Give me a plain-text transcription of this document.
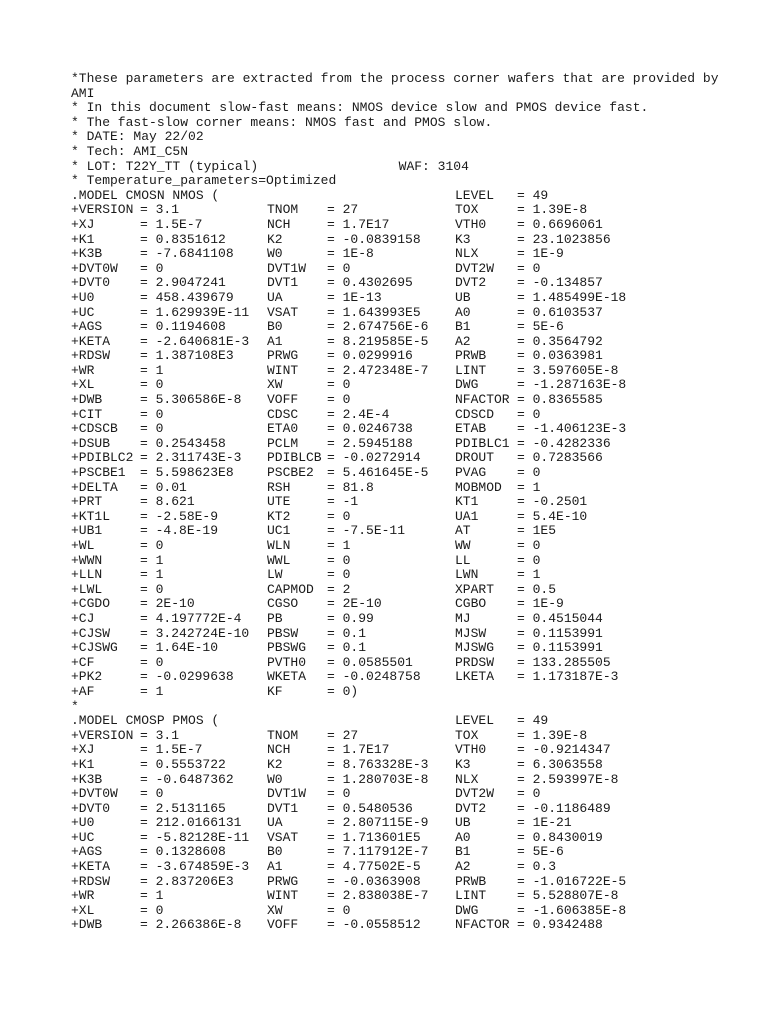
*These parameters are extracted from the process corner wafers that are provided by
AMI
* In this document slow-fast means: NMOS device slow and PMOS device fast.
* The fast-slow corner means: NMOS fast and PMOS slow.
* DATE: May 22/02
* Tech: AMI_C5N
* LOT: T22Y_TT (typical)                  WAF: 3104
* Temperature_parameters=Optimized
.MODEL CMOSN NMOS (	LEVEL = 49
+VERSION = 3.1	TNOM = 27	TOX	= 1.39E-8
+XJ	= 1.5E-7	NCH	= 1.7E17	VTH0 = 0.6696061
+K1	= 0.8351612	K2	= -0.0839158	K3	= 23.1023856
+K3B	= -7.6841108	W0	= 1E-8	NLX	= 1E-9
+DVT0W = 0	DVT1W = 0	DVT2W = 0
+DVT0 = 2.9047241	DVT1 = 0.4302695	DVT2 = -0.134857
+U0	= 458.439679	UA	= 1E-13	UB	= 1.485499E-18
+UC	= 1.629939E-11 VSAT = 1.643993E5	A0	= 0.6103537
+AGS	= 0.1194608	B0	= 2.674756E-6 B1	= 5E-6
+KETA = -2.640681E-3 A1	= 8.219585E-5 A2	= 0.3564792
+RDSW = 1.387108E3	PRWG = 0.0299916	PRWB = 0.0363981
+WR	= 1	WINT = 2.472348E-7 LINT = 3.597605E-8
+XL	= 0	XW	= 0	DWG	= -1.287163E-8
+DWB	= 5.306586E-8 VOFF = 0	NFACTOR = 0.8365585
+CIT	= 0	CDSC = 2.4E-4	CDSCD = 0
+CDSCB = 0	ETA0 = 0.0246738	ETAB = -1.406123E-3
+DSUB = 0.2543458	PCLM = 2.5945188	PDIBLC1 = -0.4282336
+PDIBLC2 = 2.311743E-3 PDIBLCB = -0.0272914	DROUT = 0.7283566
+PSCBE1 = 5.598623E8	PSCBE2 = 5.461645E-5 PVAG = 0
+DELTA = 0.01	RSH	= 81.8	MOBMOD = 1
+PRT	= 8.621	UTE	= -1	KT1	= -0.2501
+KT1L = -2.58E-9	KT2	= 0	UA1	= 5.4E-10
+UB1	= -4.8E-19	UC1	= -7.5E-11	AT	= 1E5
+WL	= 0	WLN	= 1	WW	= 0
+WWN	= 1	WWL	= 0	LL	= 0
+LLN	= 1	LW	= 0	LWN	= 1
+LWL	= 0	CAPMOD = 2	XPART = 0.5
+CGDO = 2E-10	CGSO = 2E-10	CGBO = 1E-9
+CJ	= 4.197772E-4 PB	= 0.99	MJ	= 0.4515044
+CJSW = 3.242724E-10 PBSW = 0.1	MJSW = 0.1153991
+CJSWG = 1.64E-10	PBSWG = 0.1	MJSWG = 0.1153991
+CF	= 0	PVTH0 = 0.0585501	PRDSW = 133.285505
+PK2	= -0.0299638	WKETA = -0.0248758	LKETA = 1.173187E-3
+AF	= 1	KF	= 0)
*
.MODEL CMOSP PMOS (	LEVEL = 49
+VERSION = 3.1	TNOM = 27	TOX	= 1.39E-8
+XJ	= 1.5E-7	NCH	= 1.7E17	VTH0 = -0.9214347
+K1	= 0.5553722	K2	= 8.763328E-3 K3	= 6.3063558
+K3B	= -0.6487362	W0	= 1.280703E-8 NLX	= 2.593997E-8
+DVT0W = 0	DVT1W = 0	DVT2W = 0
+DVT0 = 2.5131165	DVT1 = 0.5480536	DVT2 = -0.1186489
+U0	= 212.0166131 UA	= 2.807115E-9 UB	= 1E-21
+UC	= -5.82128E-11 VSAT = 1.713601E5	A0	= 0.8430019
+AGS	= 0.1328608	B0	= 7.117912E-7 B1	= 5E-6
+KETA = -3.674859E-3 A1	= 4.77502E-5	A2	= 0.3
+RDSW = 2.837206E3	PRWG = -0.0363908	PRWB = -1.016722E-5
+WR	= 1	WINT = 2.838038E-7 LINT = 5.528807E-8
+XL	= 0	XW	= 0	DWG	= -1.606385E-8
+DWB	= 2.266386E-8 VOFF = -0.0558512	NFACTOR = 0.9342488
